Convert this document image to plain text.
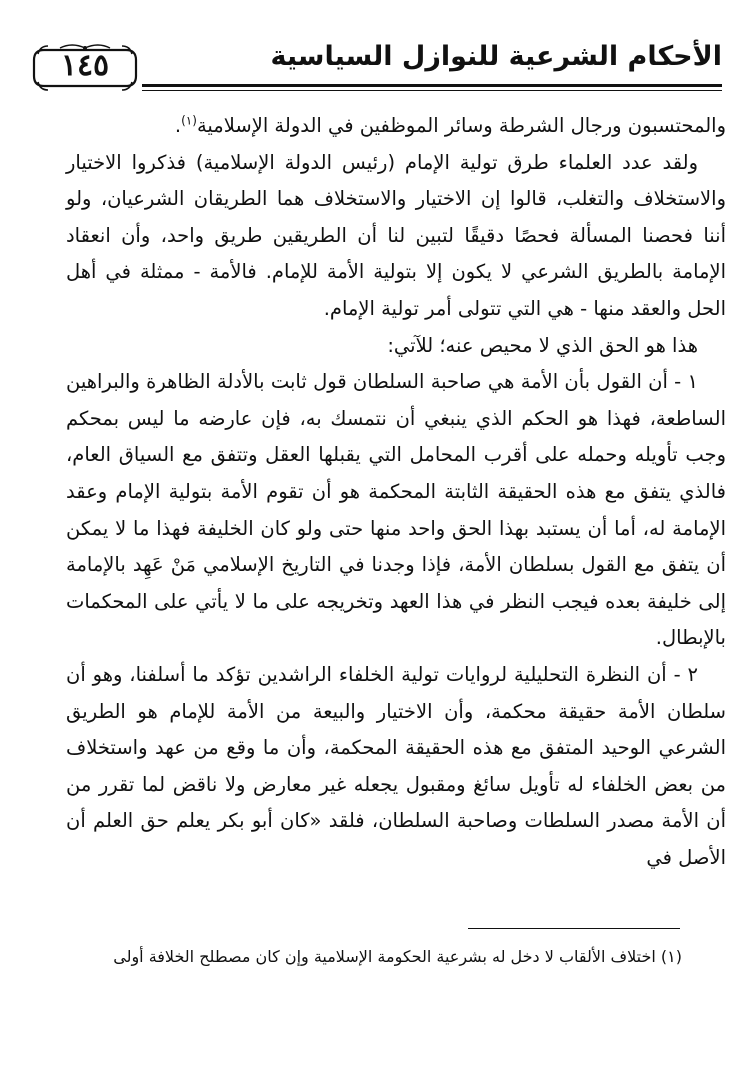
١٤٥	الأحكام الشرعية للنوازل السياسية

والمحتسبون ورجال الشرطة وسائر الموظفين في الدولة الإسلامية$^{(١)}$.

ولقد عدد العلماء طرق تولية الإمام (رئيس الدولة الإسلامية) فذكروا الاختيار والاستخلاف والتغلب، قالوا إن الاختيار والاستخلاف هما الطريقان الشرعيان، ولو أننا فحصنا المسألة فحصًا دقيقًا لتبين لنا أن الطريقين طريق واحد، وأن انعقاد الإمامة بالطريق الشرعي لا يكون إلا بتولية الأمة للإمام. فالأمة - ممثلة في أهل الحل والعقد منها - هي التي تتولى أمر تولية الإمام.

هذا هو الحق الذي لا محيص عنه؛ للآتي:

١ - أن القول بأن الأمة هي صاحبة السلطان قول ثابت بالأدلة الظاهرة والبراهين الساطعة، فهذا هو الحكم الذي ينبغي أن نتمسك به، فإن عارضه ما ليس بمحكم وجب تأويله وحمله على أقرب المحامل التي يقبلها العقل وتتفق مع السياق العام، فالذي يتفق مع هذه الحقيقة الثابتة المحكمة هو أن تقوم الأمة بتولية الإمام وعقد الإمامة له، أما أن يستبد بهذا الحق واحد منها حتى ولو كان الخليفة فهذا ما لا يمكن أن يتفق مع القول بسلطان الأمة، فإذا وجدنا في التاريخ الإسلامي مَنْ عَهِد بالإمامة إلى خليفة بعده فيجب النظر في هذا العهد وتخريجه على ما لا يأتي على المحكمات بالإبطال.

٢ - أن النظرة التحليلية لروايات تولية الخلفاء الراشدين تؤكد ما أسلفنا، وهو أن سلطان الأمة حقيقة محكمة، وأن الاختيار والبيعة من الأمة للإمام هو الطريق الشرعي الوحيد المتفق مع هذه الحقيقة المحكمة، وأن ما وقع من عهد واستخلاف من بعض الخلفاء له تأويل سائغ ومقبول يجعله غير معارض ولا ناقض لما تقرر من أن الأمة مصدر السلطات وصاحبة السلطان، فلقد «كان أبو بكر يعلم حق العلم أن الأصل في

(١) اختلاف الألقاب لا دخل له بشرعية الحكومة الإسلامية وإن كان مصطلح الخلافة أولى
